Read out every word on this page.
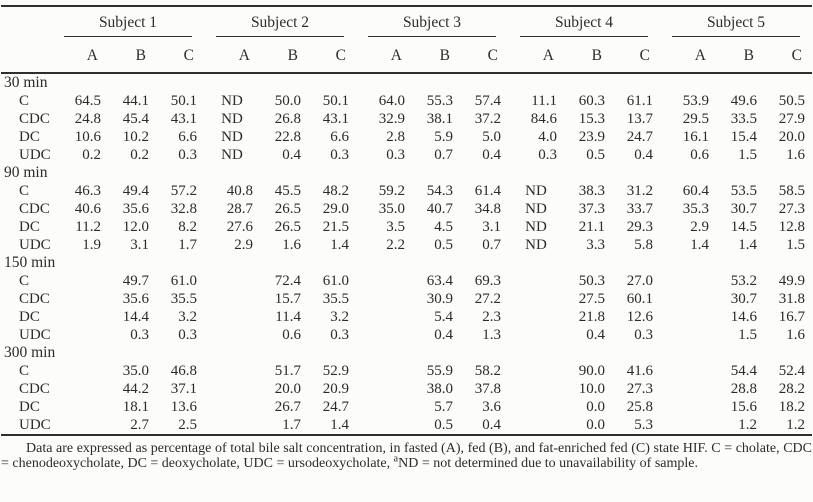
	Subject 1			Subject 2			Subject 3			Subject 4			Subject 5		

	A	B	C	A	B	C	A	B	C	A	B	C	A	B	C
30 min															
C	64.5	44.1	50.1	ND	50.0	50.1	64.0	55.3	57.4	11.1	60.3	61.1	53.9	49.6	50.5
CDC	24.8	45.4	43.1	ND	26.8	43.1	32.9	38.1	37.2	84.6	15.3	13.7	29.5	33.5	27.9
DC	10.6	10.2	6.6	ND	22.8	6.6	2.8	5.9	5.0	4.0	23.9	24.7	16.1	15.4	20.0
UDC	0.2	0.2	0.3	ND	0.4	0.3	0.3	0.7	0.4	0.3	0.5	0.4	0.6	1.5	1.6
90 min															
C	46.3	49.4	57.2	40.8	45.5	48.2	59.2	54.3	61.4	ND	38.3	31.2	60.4	53.5	58.5
CDC	40.6	35.6	32.8	28.7	26.5	29.0	35.0	40.7	34.8	ND	37.3	33.7	35.3	30.7	27.3
DC	11.2	12.0	8.2	27.6	26.5	21.5	3.5	4.5	3.1	ND	21.1	29.3	2.9	14.5	12.8
UDC	1.9	3.1	1.7	2.9	1.6	1.4	2.2	0.5	0.7	ND	3.3	5.8	1.4	1.4	1.5
150 min															
C		49.7	61.0		72.4	61.0		63.4	69.3		50.3	27.0		53.2	49.9
CDC		35.6	35.5		15.7	35.5		30.9	27.2		27.5	60.1		30.7	31.8
DC		14.4	3.2		11.4	3.2		5.4	2.3		21.8	12.6		14.6	16.7
UDC		0.3	0.3		0.6	0.3		0.4	1.3		0.4	0.3		1.5	1.6
300 min															
C		35.0	46.8		51.7	52.9		55.9	58.2		90.0	41.6		54.4	52.4
CDC		44.2	37.1		20.0	20.9		38.0	37.8		10.0	27.3		28.8	28.2
DC		18.1	13.6		26.7	24.7		5.7	3.6		0.0	25.8		15.6	18.2
UDC		2.7	2.5		1.7	1.4		0.5	0.4		0.0	5.3		1.2	1.2

Data are expressed as percentage of total bile salt concentration, in fasted (A), fed (B), and fat-enriched fed (C) state HIF. C = cholate, CDC = chenodeoxycholate, DC = deoxycholate, UDC = ursodeoxycholate, $^a$ND = not determined due to unavailability of sample.
